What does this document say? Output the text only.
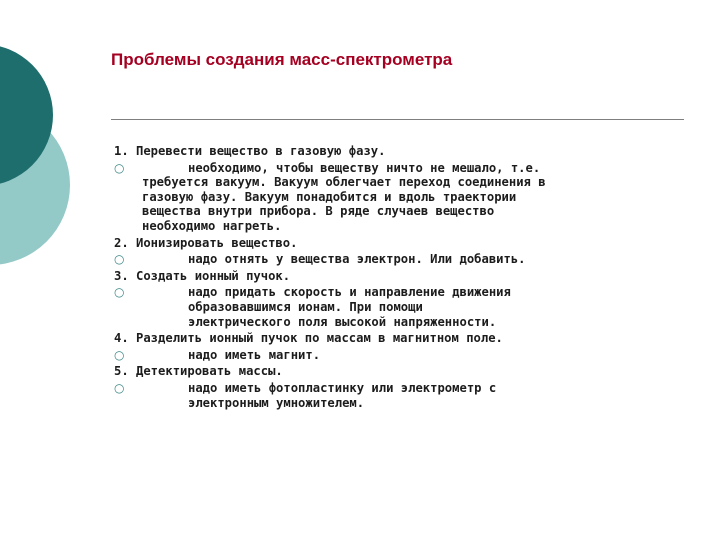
Проблемы создания масс-спектрометра
1. Перевести вещество в газовую фазу.
○	необходимо, чтобы веществу ничто не мешало, т.е.
требуется вакуум. Вакуум облегчает переход соединения в
газовую фазу. Вакуум понадобится и вдоль траектории
вещества внутри прибора. В ряде случаев вещество
необходимо нагреть.
2. Ионизировать вещество.
○	надо отнять у вещества электрон. Или добавить.
3. Создать ионный пучок.
○	надо придать скорость и направление движения
образовавшимся ионам. При помощи
электрического поля высокой напряженности.
4. Разделить ионный пучок по массам в магнитном поле.
○	надо иметь магнит.
5. Детектировать массы.
○	надо иметь фотопластинку или электрометр с
электронным умножителем.
